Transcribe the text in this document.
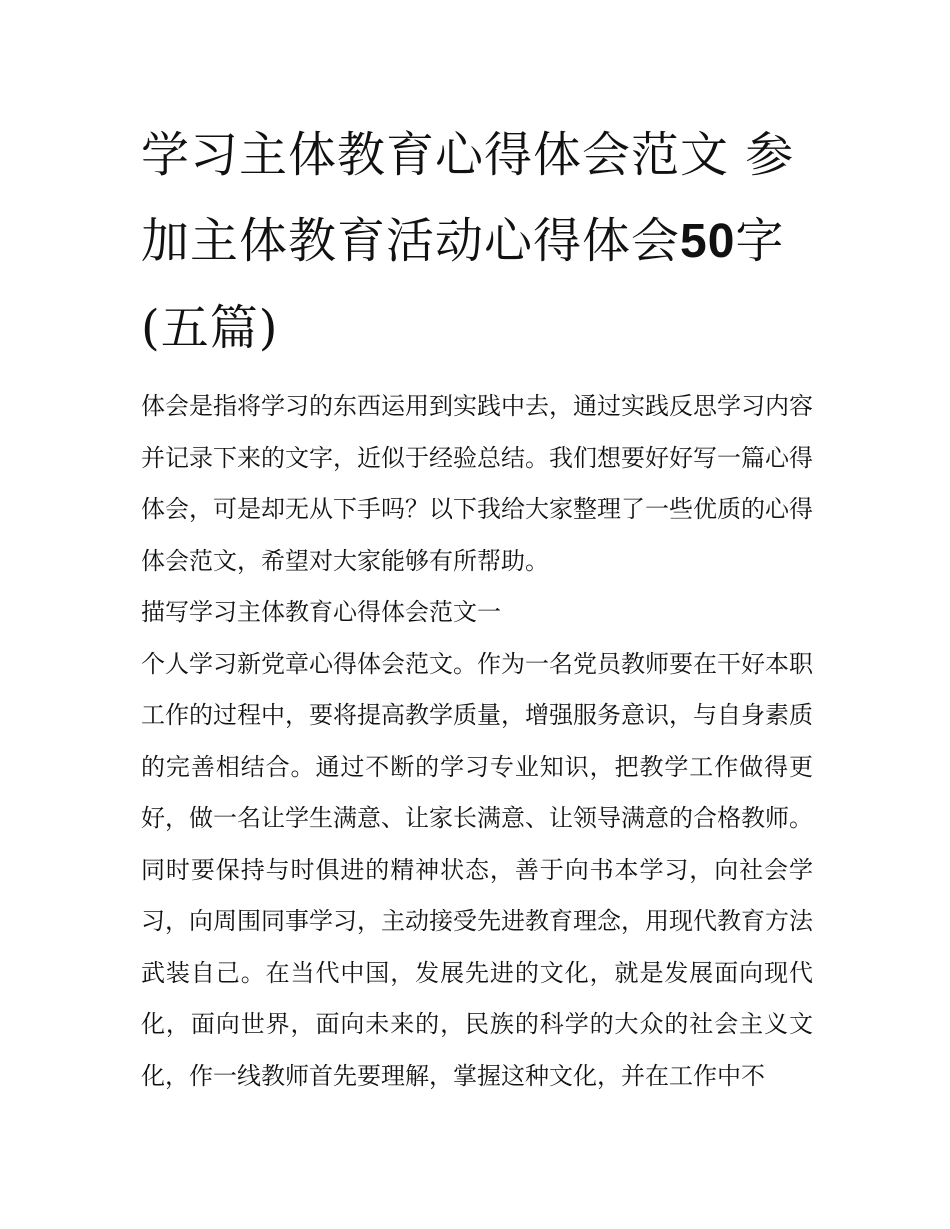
学习主体教育心得体会范文 参加主体教育活动心得体会50字(五篇)

体会是指将学习的东西运用到实践中去，通过实践反思学习内容并记录下来的文字，近似于经验总结。我们想要好好写一篇心得体会，可是却无从下手吗？以下我给大家整理了一些优质的心得体会范文，希望对大家能够有所帮助。

描写学习主体教育心得体会范文一

个人学习新党章心得体会范文。作为一名党员教师要在干好本职工作的过程中，要将提高教学质量，增强服务意识，与自身素质的完善相结合。通过不断的学习专业知识，把教学工作做得更好，做一名让学生满意、让家长满意、让领导满意的合格教师。

同时要保持与时俱进的精神状态，善于向书本学习，向社会学习，向周围同事学习，主动接受先进教育理念，用现代教育方法武装自己。在当代中国，发展先进的文化，就是发展面向现代化，面向世界，面向未来的，民族的科学的大众的社会主义文化，作一线教师首先要理解，掌握这种文化，并在工作中不
